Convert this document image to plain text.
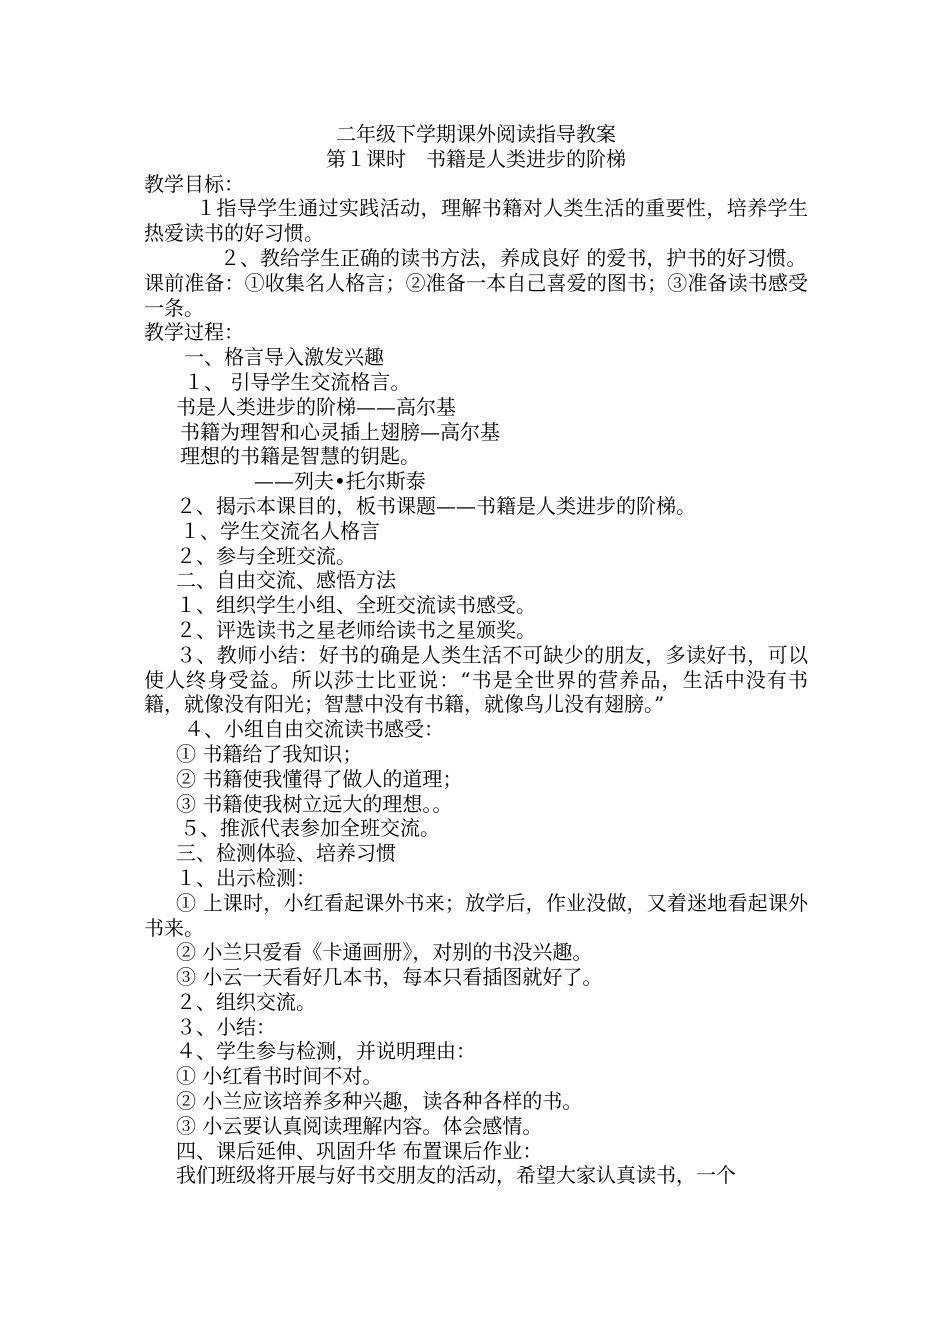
二年级下学期课外阅读指导教案
第１课时　书籍是人类进步的阶梯
教学目标：
１指导学生通过实践活动，理解书籍对人类生活的重要性，培养学生热爱读书的好习惯。
２、教给学生正确的读书方法，养成良好 的爱书，护书的好习惯。
课前准备：①收集名人格言；②准备一本自己喜爱的图书；③准备读书感受一条。
教学过程：
一、格言导入激发兴趣
１、 引导学生交流格言。
书是人类进步的阶梯——高尔基
书籍为理智和心灵插上翅膀—高尔基
理想的书籍是智慧的钥匙。
——列夫•托尔斯泰
２、揭示本课目的，板书课题——书籍是人类进步的阶梯。
１、学生交流名人格言
２、参与全班交流。
二、自由交流、感悟方法
１、组织学生小组、全班交流读书感受。
２、评选读书之星老师给读书之星颁奖。
３、教师小结：好书的确是人类生活不可缺少的朋友，多读好书，可以使人终身受益。所以莎士比亚说：“书是全世界的营养品，生活中没有书籍，就像没有阳光；智慧中没有书籍，就像鸟儿没有翅膀。”
４、小组自由交流读书感受：
① 书籍给了我知识；
② 书籍使我懂得了做人的道理；
③ 书籍使我树立远大的理想。。
５、推派代表参加全班交流。
三、检测体验、培养习惯
１、出示检测：
① 上课时，小红看起课外书来；放学后，作业没做，又着迷地看起课外书来。
② 小兰只爱看《卡通画册》，对别的书没兴趣。
③ 小云一天看好几本书，每本只看插图就好了。
２、组织交流。
３、小结：
４、学生参与检测，并说明理由：
① 小红看书时间不对。
② 小兰应该培养多种兴趣，读各种各样的书。
③ 小云要认真阅读理解内容。体会感情。
四、课后延伸、巩固升华 布置课后作业：
我们班级将开展与好书交朋友的活动，希望大家认真读书，一个
